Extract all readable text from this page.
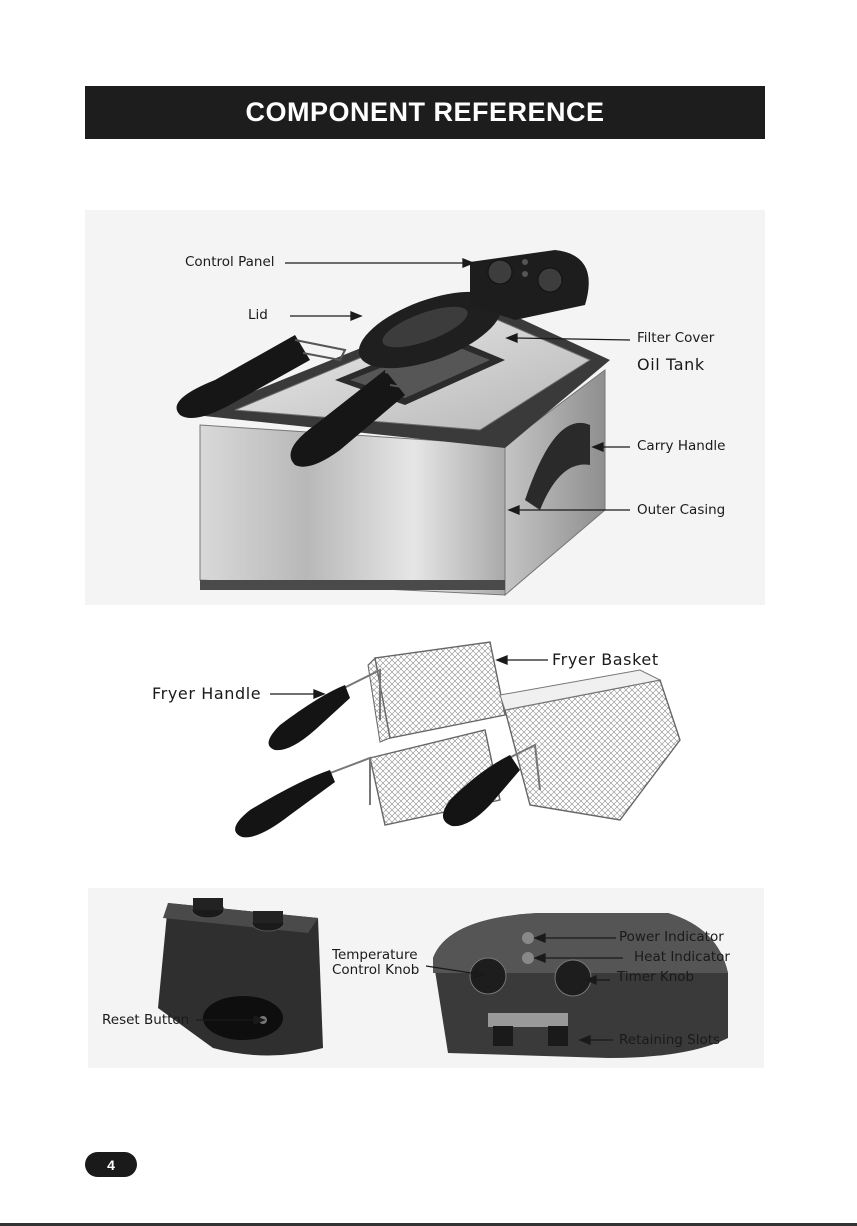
COMPONENT REFERENCE
Control Panel
Lid
Filter Cover
Oil Tank
Carry Handle
Outer Casing
Fryer Basket
Fryer Handle
Reset Button
Temperature
Control Knob
Power Indicator
Heat Indicator
Timer Knob
Retaining Slots
4
